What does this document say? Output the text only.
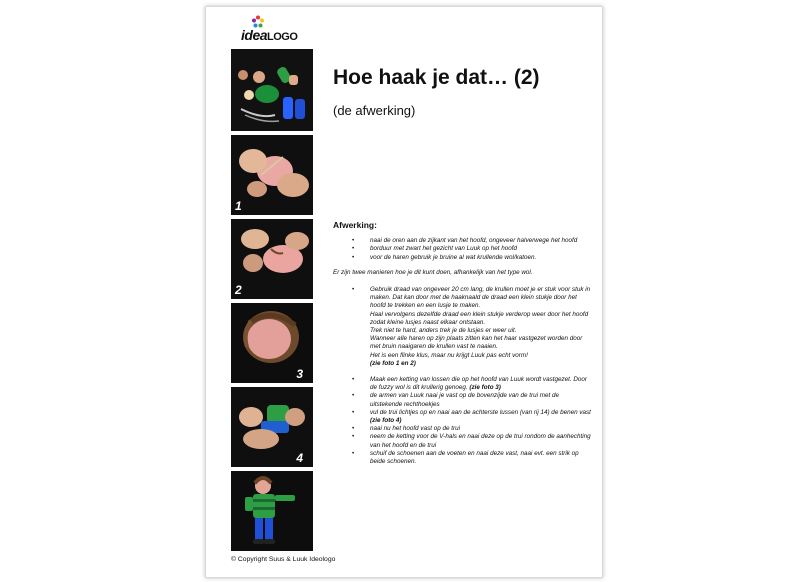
ideaLOGO
1
2
3
4
Hoe haak je dat… (2)
(de afwerking)
Afwerking:
• naai de oren aan de zijkant van het hoofd, ongeveer halverwege het hoofd
• borduur met zwart het gezicht van Luuk op het hoofd
• voor de haren gebruik je bruine al wat krullende wol/katoen.

Er zijn twee manieren hoe je dit kunt doen, afhankelijk van het type wol.

• Gebruik draad van ongeveer 20 cm lang, de krullen moet je er stuk voor stuk in maken. Dat kan door met de haaknaald de draad een klein stukje door het hoofd te trekken en een lusje te maken.
Haal vervolgens dezelfde draad een klein stukje verderop weer door het hoofd zodat kleine lusjes naast elkaar ontstaan.
Trek niet te hard, anders trek je de lusjes er weer uit.
Wanneer alle haren op zijn plaats zitten kan het haar vastgezet worden door met bruin naaigaren de krullen vast te naaien.
Het is een flinke klus, maar nu krijgt Luuk pas echt vorm!
(zie foto 1 en 2)
• Maak een ketting van lossen die op het hoofd van Luuk wordt vastgezet. Door de fuzzy wol is dit krullerig genoeg. (zie foto 3)
• de armen van Luuk naai je vast op de bovenzijde van de trui met de uitstekende rechthoekjes
• vul de trui lichtjes op en naai aan de achterste lussen (van rij 14) de benen vast (zie foto 4)
• naai nu het hoofd vast op de trui
• neem de ketting voor de V-hals en naai deze op de trui rondom de aanhechting van het hoofd en de trui
• schuif de schoenen aan de voeten en naai deze vast, naai evt. een strik op beide schoenen.
© Copyright Suus & Luuk Ideologo
